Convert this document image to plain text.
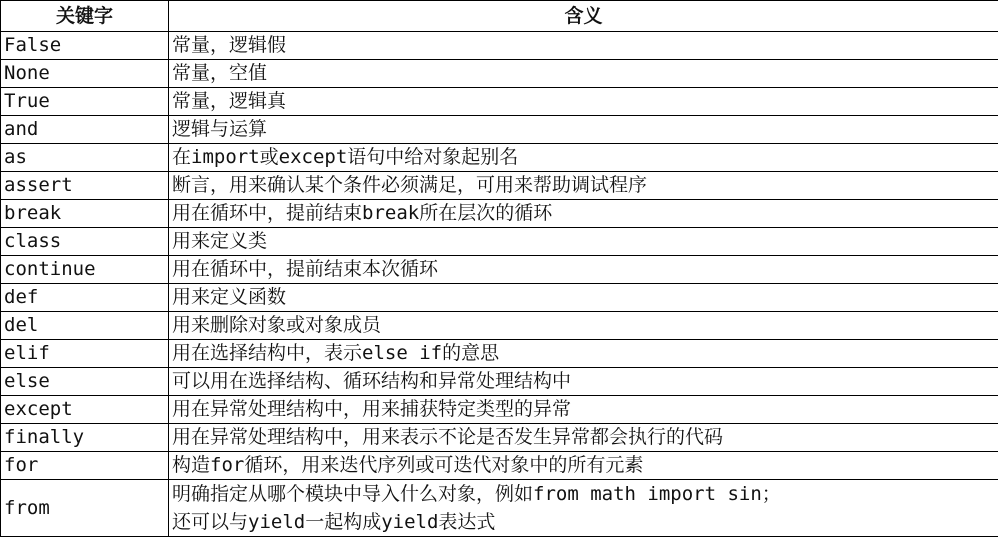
关键字	含义
False	常量，逻辑假
None	常量，空值
True	常量，逻辑真
and	逻辑与运算
as	在import或except语句中给对象起别名
assert	断言，用来确认某个条件必须满足，可用来帮助调试程序
break	用在循环中，提前结束break所在层次的循环
class	用来定义类
continue	用在循环中，提前结束本次循环
def	用来定义函数
del	用来删除对象或对象成员
elif	用在选择结构中，表示else if的意思
else	可以用在选择结构、循环结构和异常处理结构中
except	用在异常处理结构中，用来捕获特定类型的异常
finally	用在异常处理结构中，用来表示不论是否发生异常都会执行的代码
for	构造for循环，用来迭代序列或可迭代对象中的所有元素
from	明确指定从哪个模块中导入什么对象，例如from math import sin；
还可以与yield一起构成yield表达式
